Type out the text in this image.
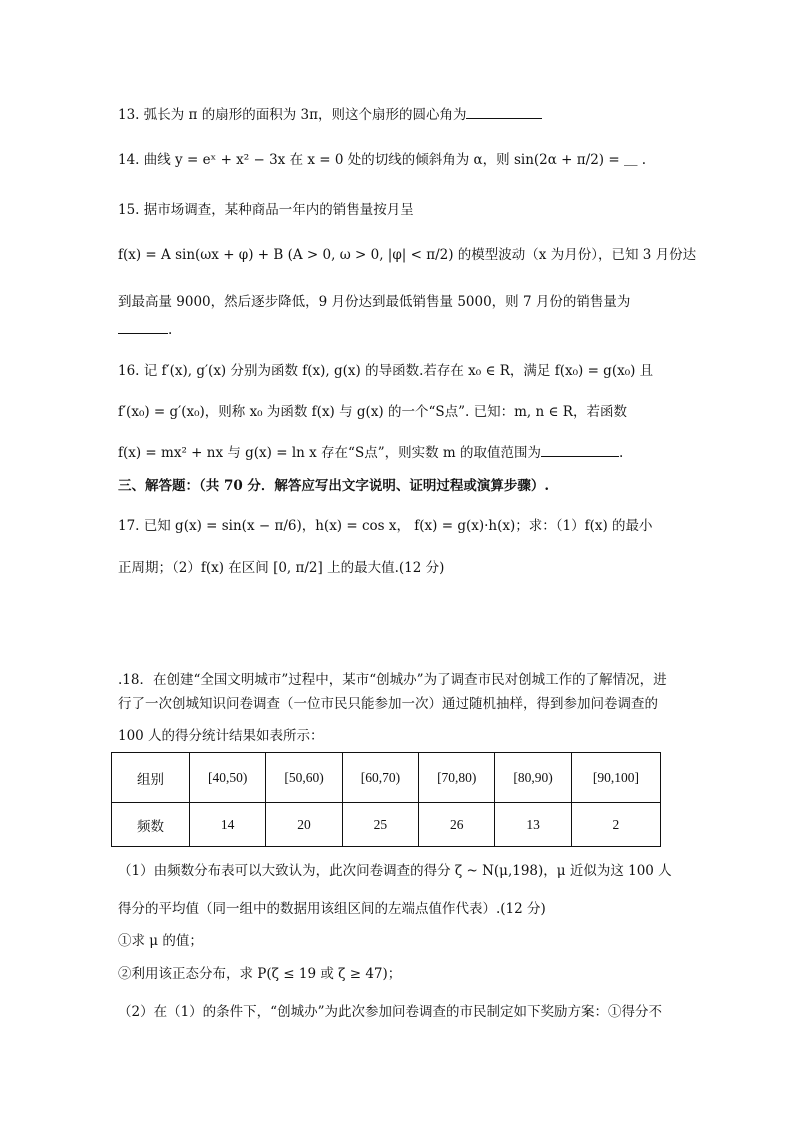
13. 弧长为 π 的扇形的面积为 3π，则这个扇形的圆心角为
14. 曲线 y = eˣ + x² − 3x 在 x = 0 处的切线的倾斜角为 α，则 sin(2α + π/2) = ＿ .
15. 据市场调查，某种商品一年内的销售量按月呈
f(x) = A sin(ωx + φ) + B (A > 0, ω > 0, |φ| < π/2) 的模型波动（x 为月份），已知 3 月份达
到最高量 9000，然后逐步降低，9 月份达到最低销售量 5000，则 7 月份的销售量为
.
16. 记 f′(x), g′(x) 分别为函数 f(x), g(x) 的导函数.若存在 x₀ ∈ R，满足 f(x₀) = g(x₀) 且
f′(x₀) = g′(x₀)，则称 x₀ 为函数 f(x) 与 g(x) 的一个“S点”. 已知：m, n ∈ R，若函数
f(x) = mx² + nx 与 g(x) = ln x 存在“S点”，则实数 m 的取值范围为	.
三、解答题：（共 70 分．解答应写出文字说明、证明过程或演算步骤）.
17. 已知 g(x) = sin(x − π/6)，h(x) = cos x， f(x) = g(x)·h(x)；求：（1）f(x) 的最小
正周期；（2）f(x) 在区间 [0, π/2] 上的最大值.(12 分)
.18．在创建“全国文明城市”过程中，某市“创城办”为了调查市民对创城工作的了解情况，进
行了一次创城知识问卷调查（一位市民只能参加一次）通过随机抽样，得到参加问卷调查的
100 人的得分统计结果如表所示：
组别	[40,50)	[50,60)	[60,70)	[70,80)	[80,90)	[90,100]
频数	14	20	25	26	13	2
（1）由频数分布表可以大致认为，此次问卷调查的得分 ζ ~ N(μ,198)，μ 近似为这 100 人
得分的平均值（同一组中的数据用该组区间的左端点值作代表）.(12 分)
①求 μ 的值；
②利用该正态分布，求 P(ζ ≤ 19 或 ζ ≥ 47)；
（2）在（1）的条件下，“创城办”为此次参加问卷调查的市民制定如下奖励方案：①得分不
